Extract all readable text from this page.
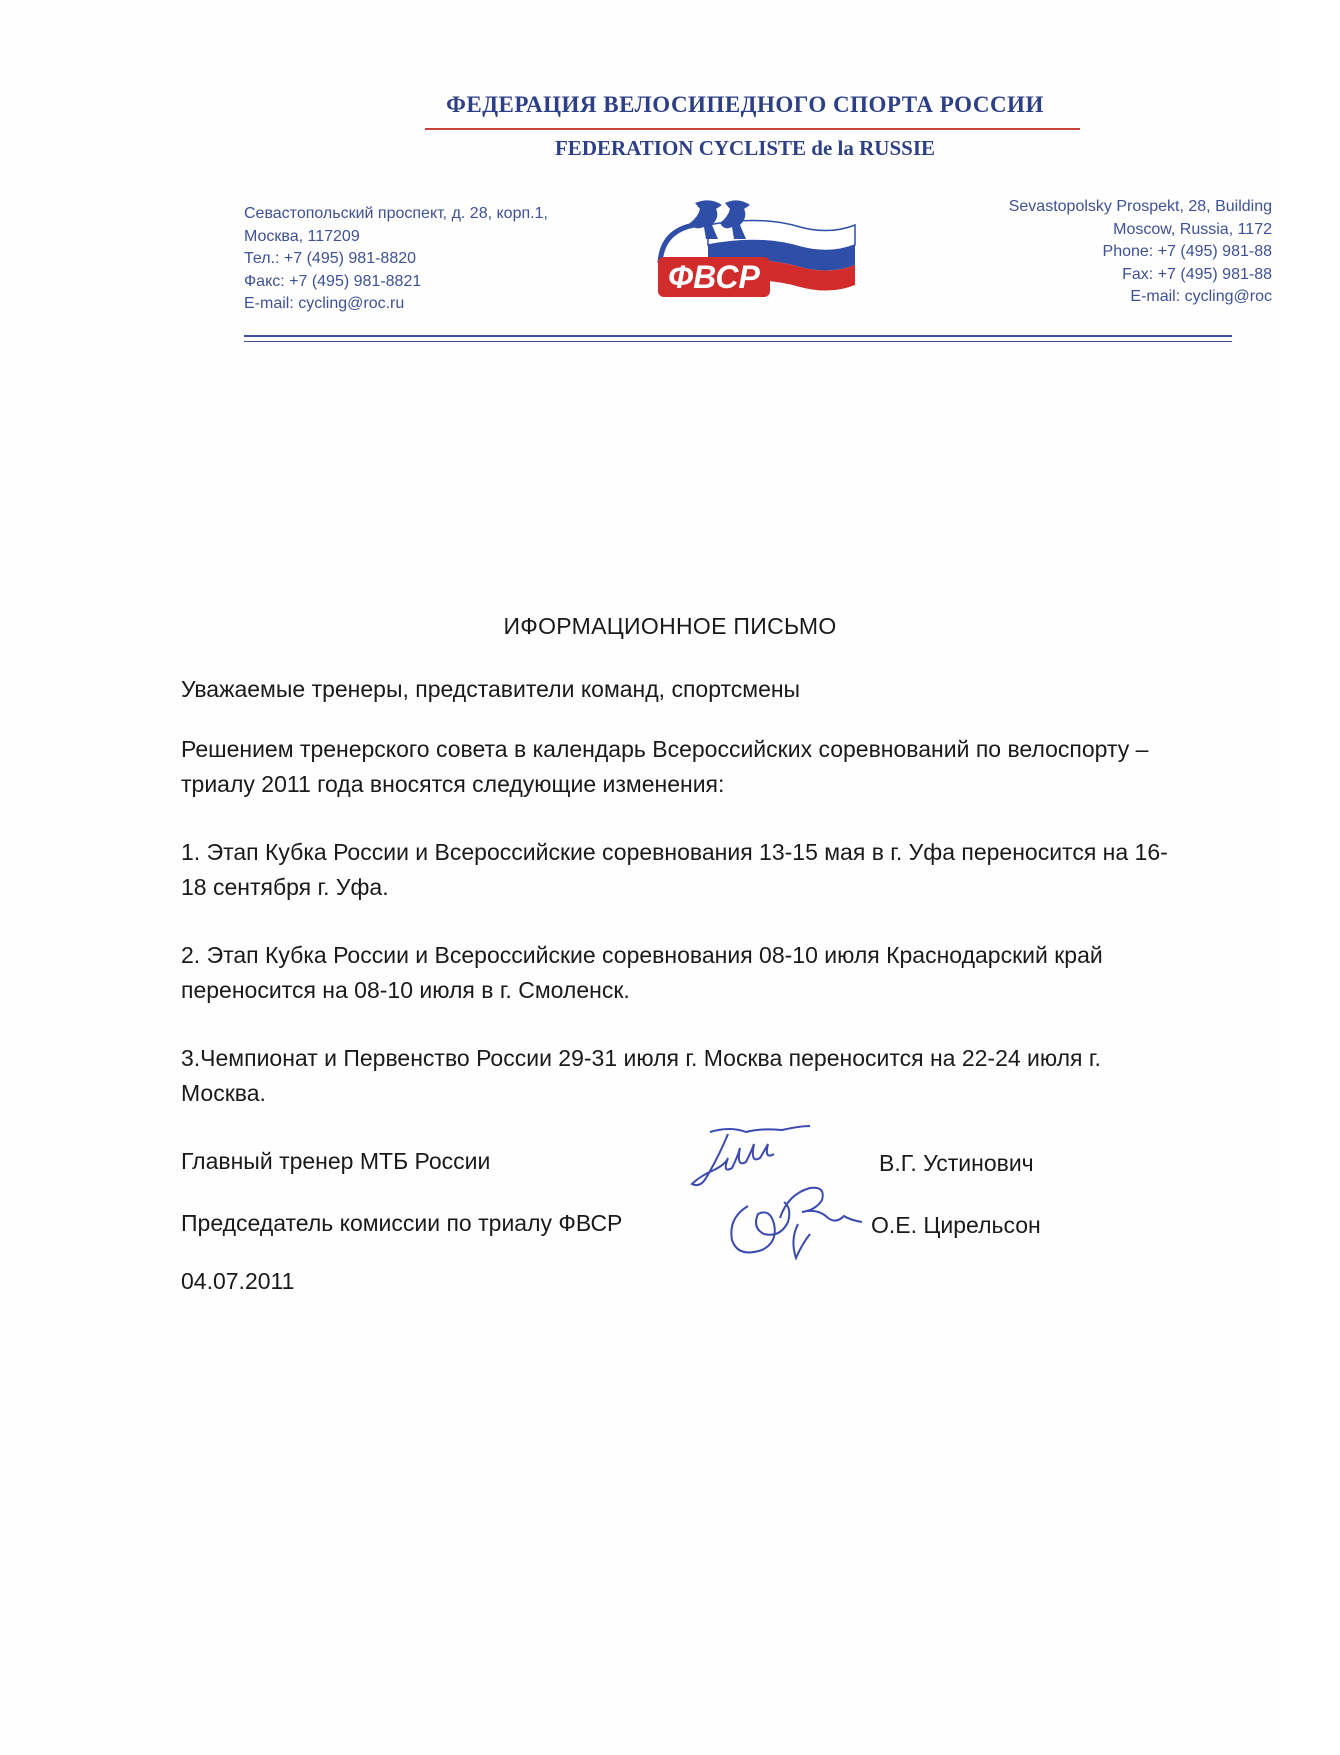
ФЕДЕРАЦИЯ ВЕЛОСИПЕДНОГО СПОРТА РОССИИ
FEDERATION CYCLISTE de la RUSSIE
Севастопольский проспект, д. 28, корп.1,
Москва, 117209
Тел.: +7 (495) 981-8820
Факс: +7 (495) 981-8821
E-mail: cycling@roc.ru
ФВСР
Sevastopolsky Prospekt, 28, Building
Moscow, Russia, 1172
Phone: +7 (495) 981-88
Fax: +7 (495) 981-88
E-mail: cycling@roc
ИФОРМАЦИОННОЕ ПИСЬМО
Уважаемые тренеры, представители команд, спортсмены
Решением тренерского совета в календарь Всероссийских соревнований по велоспорту – триалу 2011 года вносятся следующие изменения:
1. Этап Кубка России и Всероссийские соревнования 13-15 мая в г. Уфа переносится на 16-18 сентября г. Уфа.
2. Этап Кубка России и Всероссийские соревнования 08-10 июля Краснодарский край переносится на 08-10 июля в г. Смоленск.
3.Чемпионат и Первенство России 29-31 июля г. Москва переносится на 22-24 июля г. Москва.
Главный тренер МТБ России	В.Г. Устинович
Председатель комиссии по триалу ФВСР	О.Е. Цирельсон
04.07.2011
